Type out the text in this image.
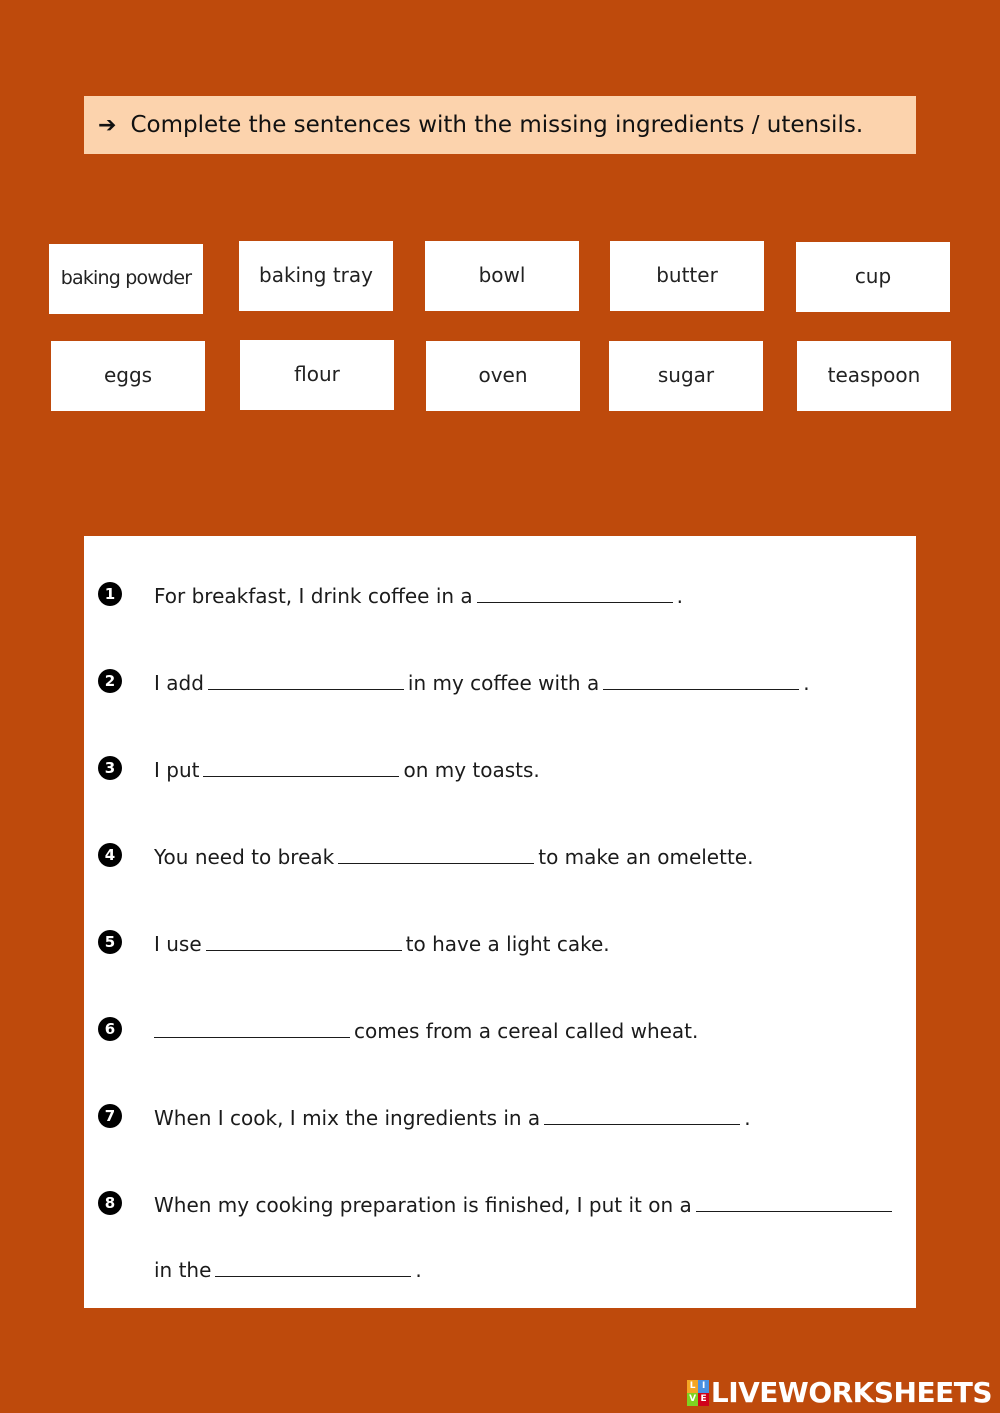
➔ Complete the sentences with the missing ingredients / utensils.
baking powder	baking tray	bowl	butter	cup
eggs	flour	oven	sugar	teaspoon
1	For breakfast, I drink coffee in a	.
2	I add	in my coffee with a	.
3	I put	on my toasts.
4	You need to break	to make an omelette.
5	I use	to have a light cake.
6	comes from a cereal called wheat.
7	When I cook, I mix the ingredients in a	.
8	When my cooking preparation is finished, I put it on a
in the	.
L I
V E LIVEWORKSHEETS
